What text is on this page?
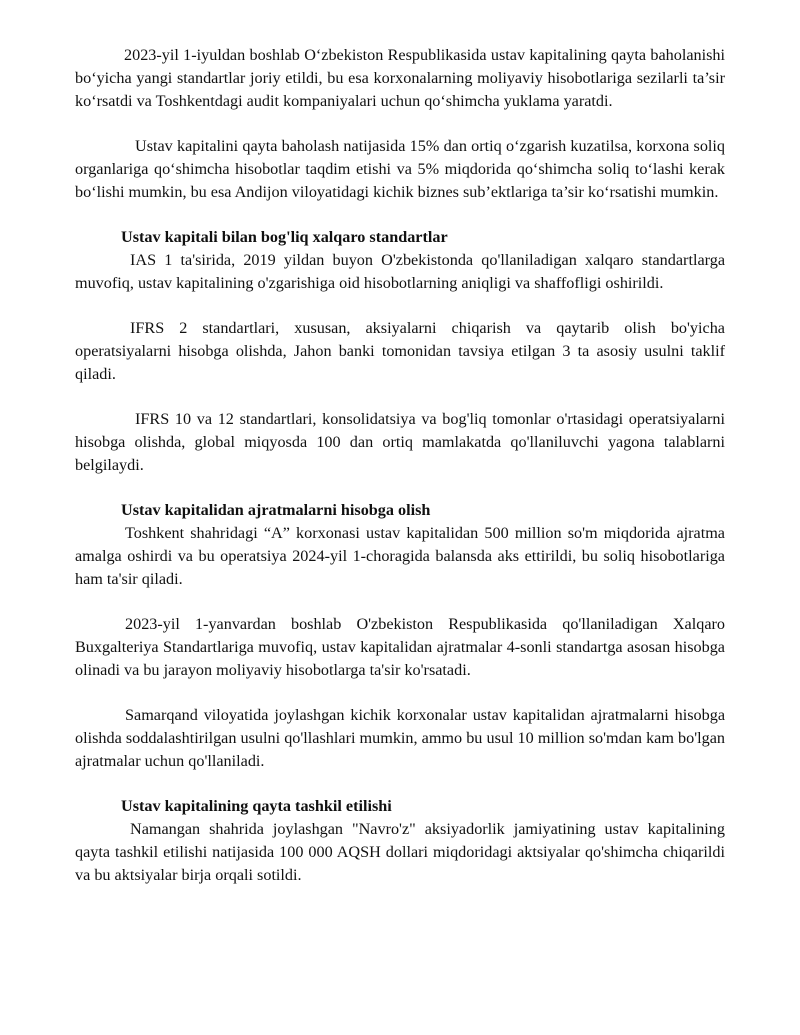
2023-yil 1-iyuldan boshlab O‘zbekiston Respublikasida ustav kapitalining qayta baholanishi bo‘yicha yangi standartlar joriy etildi, bu esa korxonalarning moliyaviy hisobotlariga sezilarli ta’sir ko‘rsatdi va Toshkentdagi audit kompaniyalari uchun qo‘shimcha yuklama yaratdi.

Ustav kapitalini qayta baholash natijasida 15% dan ortiq o‘zgarish kuzatilsa, korxona soliq organlariga qo‘shimcha hisobotlar taqdim etishi va 5% miqdorida qo‘shimcha soliq to‘lashi kerak bo‘lishi mumkin, bu esa Andijon viloyatidagi kichik biznes sub’ektlariga ta’sir ko‘rsatishi mumkin.

Ustav kapitali bilan bog'liq xalqaro standartlar

IAS 1 ta'sirida, 2019 yildan buyon O'zbekistonda qo'llaniladigan xalqaro standartlarga muvofiq, ustav kapitalining o'zgarishiga oid hisobotlarning aniqligi va shaffofligi oshirildi.

IFRS 2 standartlari, xususan, aksiyalarni chiqarish va qaytarib olish bo'yicha operatsiyalarni hisobga olishda, Jahon banki tomonidan tavsiya etilgan 3 ta asosiy usulni taklif qiladi.

IFRS 10 va 12 standartlari, konsolidatsiya va bog'liq tomonlar o'rtasidagi operatsiyalarni hisobga olishda, global miqyosda 100 dan ortiq mamlakatda qo'llaniluvchi yagona talablarni belgilaydi.

Ustav kapitalidan ajratmalarni hisobga olish

Toshkent shahridagi “A” korxonasi ustav kapitalidan 500 million so'm miqdorida ajratma amalga oshirdi va bu operatsiya 2024-yil 1-choragida balansda aks ettirildi, bu soliq hisobotlariga ham ta'sir qiladi.

2023-yil 1-yanvardan boshlab O'zbekiston Respublikasida qo'llaniladigan Xalqaro Buxgalteriya Standartlariga muvofiq, ustav kapitalidan ajratmalar 4-sonli standartga asosan hisobga olinadi va bu jarayon moliyaviy hisobotlarga ta'sir ko'rsatadi.

Samarqand viloyatida joylashgan kichik korxonalar ustav kapitalidan ajratmalarni hisobga olishda soddalashtirilgan usulni qo'llashlari mumkin, ammo bu usul 10 million so'mdan kam bo'lgan ajratmalar uchun qo'llaniladi.

Ustav kapitalining qayta tashkil etilishi

Namangan shahrida joylashgan "Navro'z" aksiyadorlik jamiyatining ustav kapitalining qayta tashkil etilishi natijasida 100 000 AQSH dollari miqdoridagi aktsiyalar qo'shimcha chiqarildi va bu aktsiyalar birja orqali sotildi.
